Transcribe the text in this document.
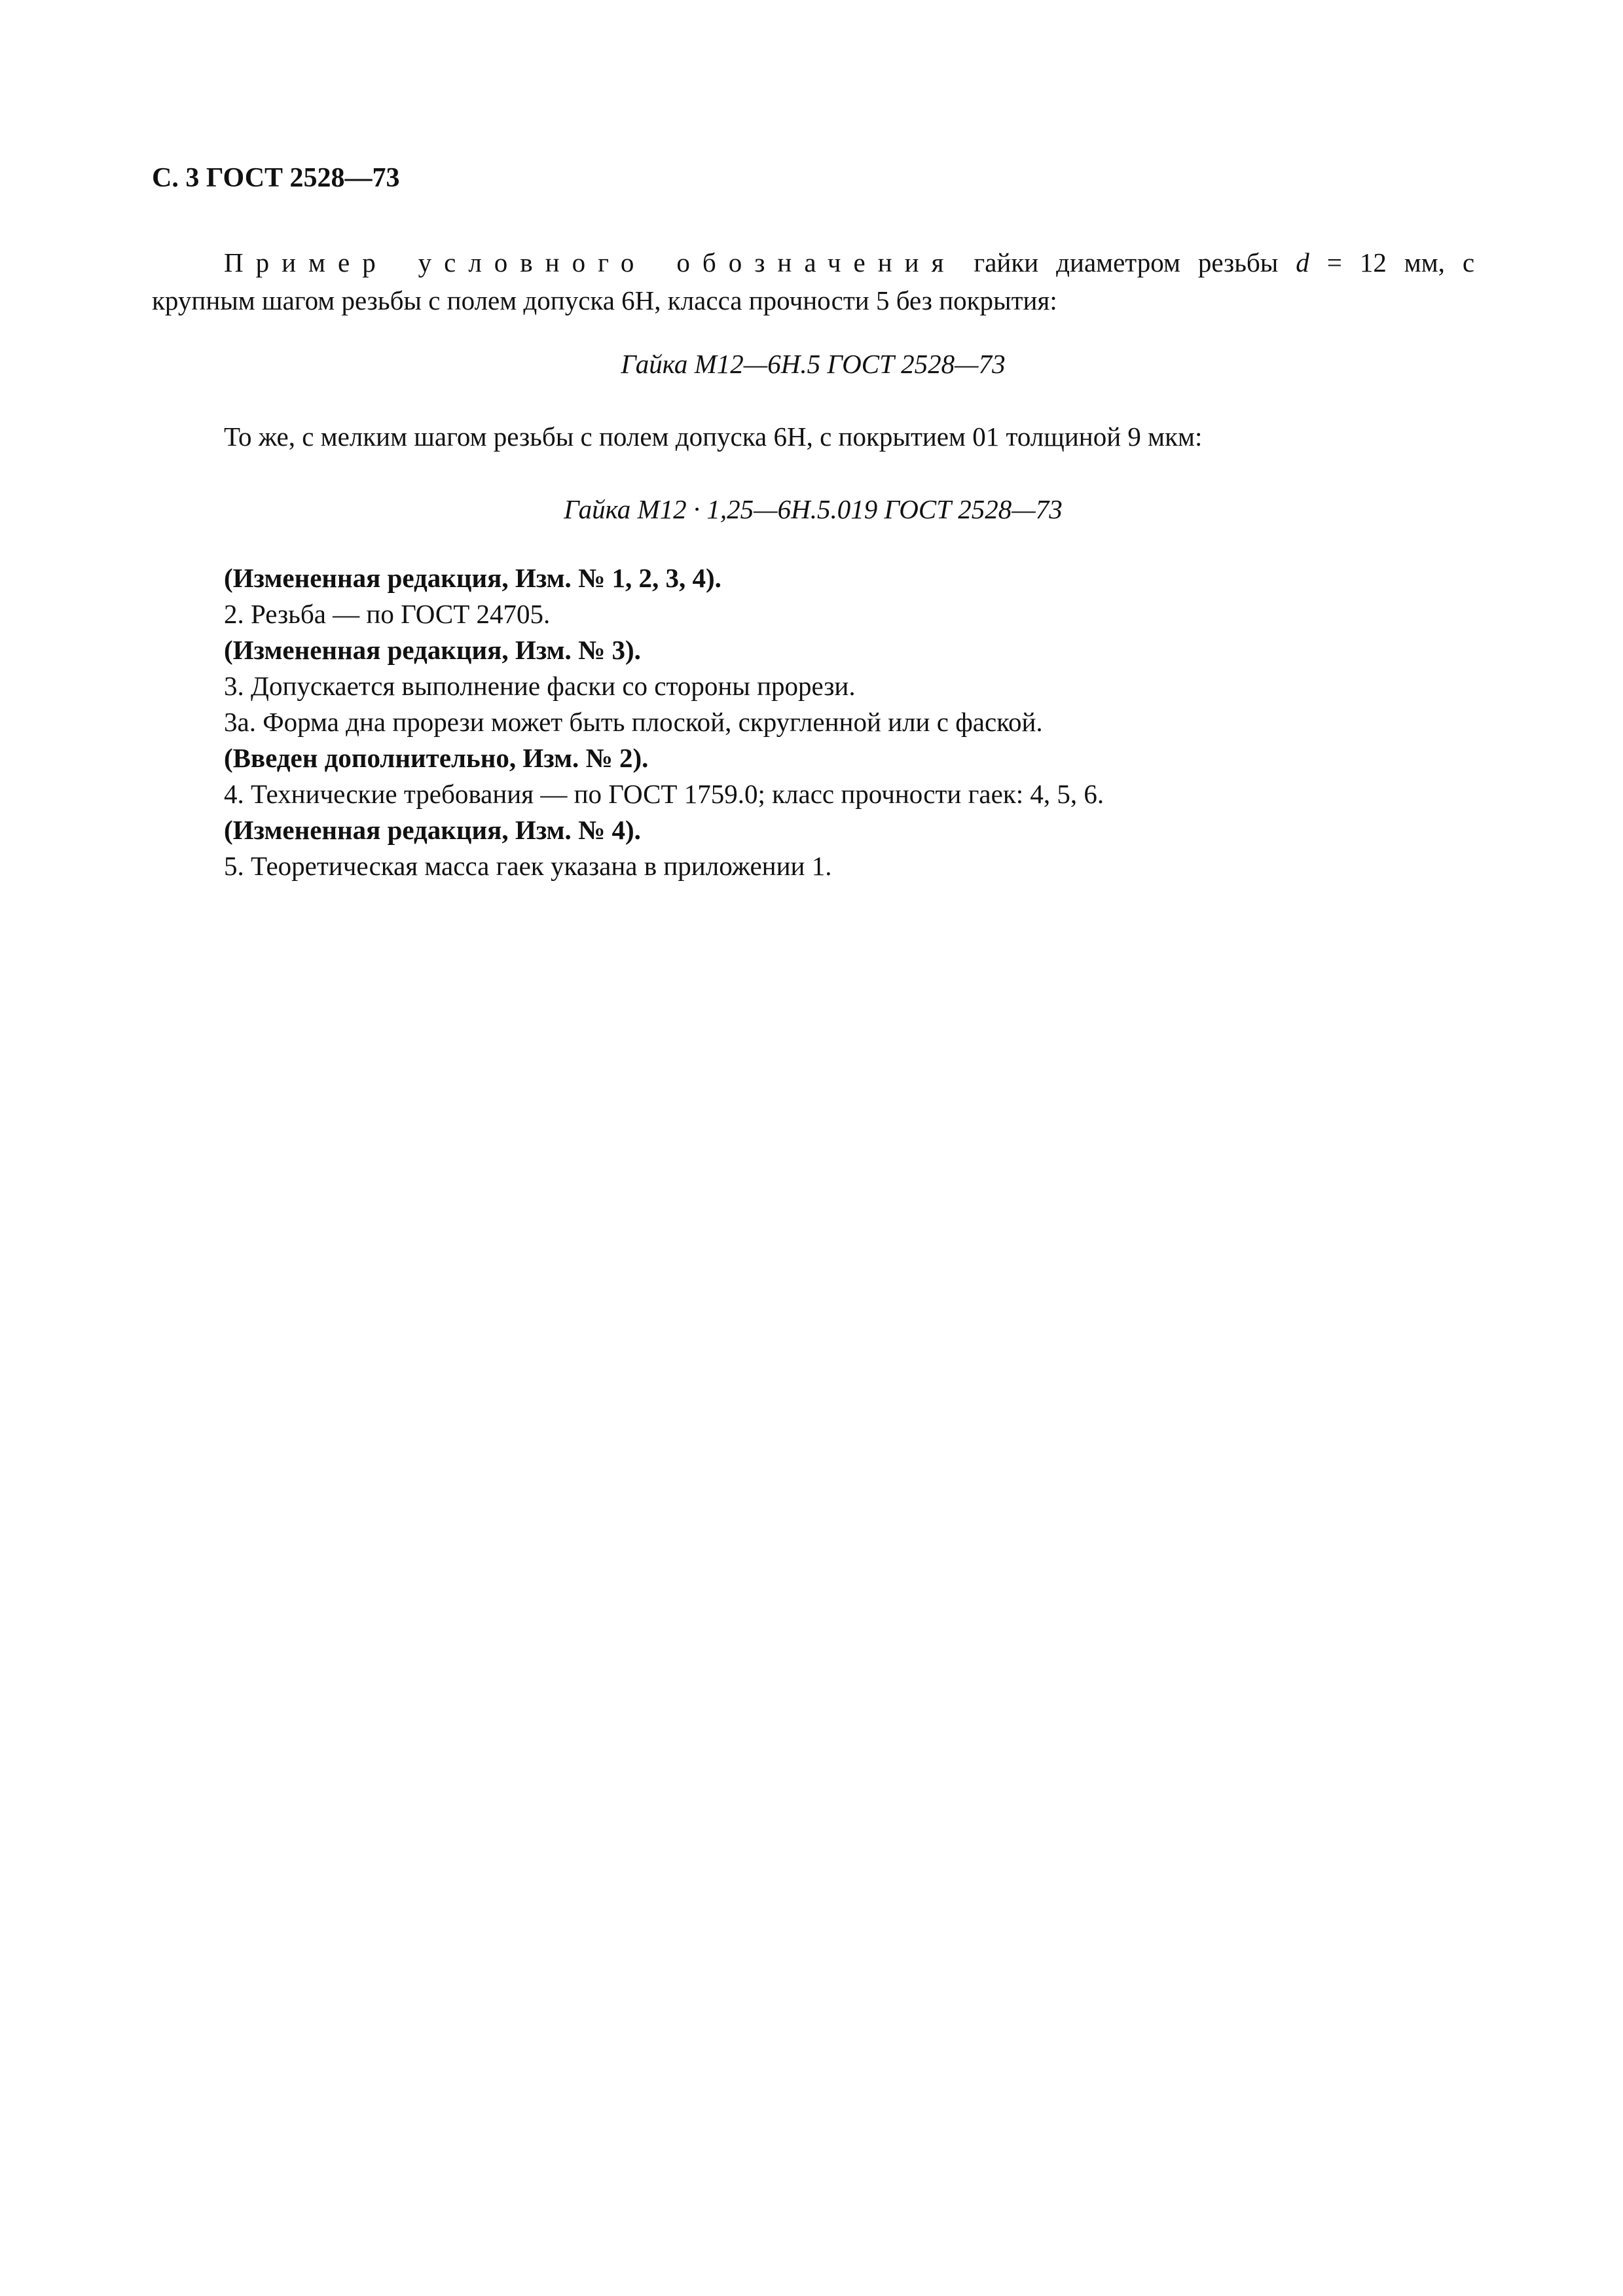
С. 3 ГОСТ 2528—73
Пример условного обозначения гайки диаметром резьбы d = 12 мм, с
крупным шагом резьбы с полем допуска 6H, класса прочности 5 без покрытия:
Гайка М12—6Н.5 ГОСТ 2528—73
То же, с мелким шагом резьбы с полем допуска 6H, с покрытием 01 толщиной 9 мкм:
Гайка М12 · 1,25—6Н.5.019 ГОСТ 2528—73
(Измененная редакция, Изм. № 1, 2, 3, 4).
2. Резьба — по ГОСТ 24705.
(Измененная редакция, Изм. № 3).
3. Допускается выполнение фаски со стороны прорези.
3а. Форма дна прорези может быть плоской, скругленной или с фаской.
(Введен дополнительно, Изм. № 2).
4. Технические требования — по ГОСТ 1759.0; класс прочности гаек: 4, 5, 6.
(Измененная редакция, Изм. № 4).
5. Теоретическая масса гаек указана в приложении 1.
